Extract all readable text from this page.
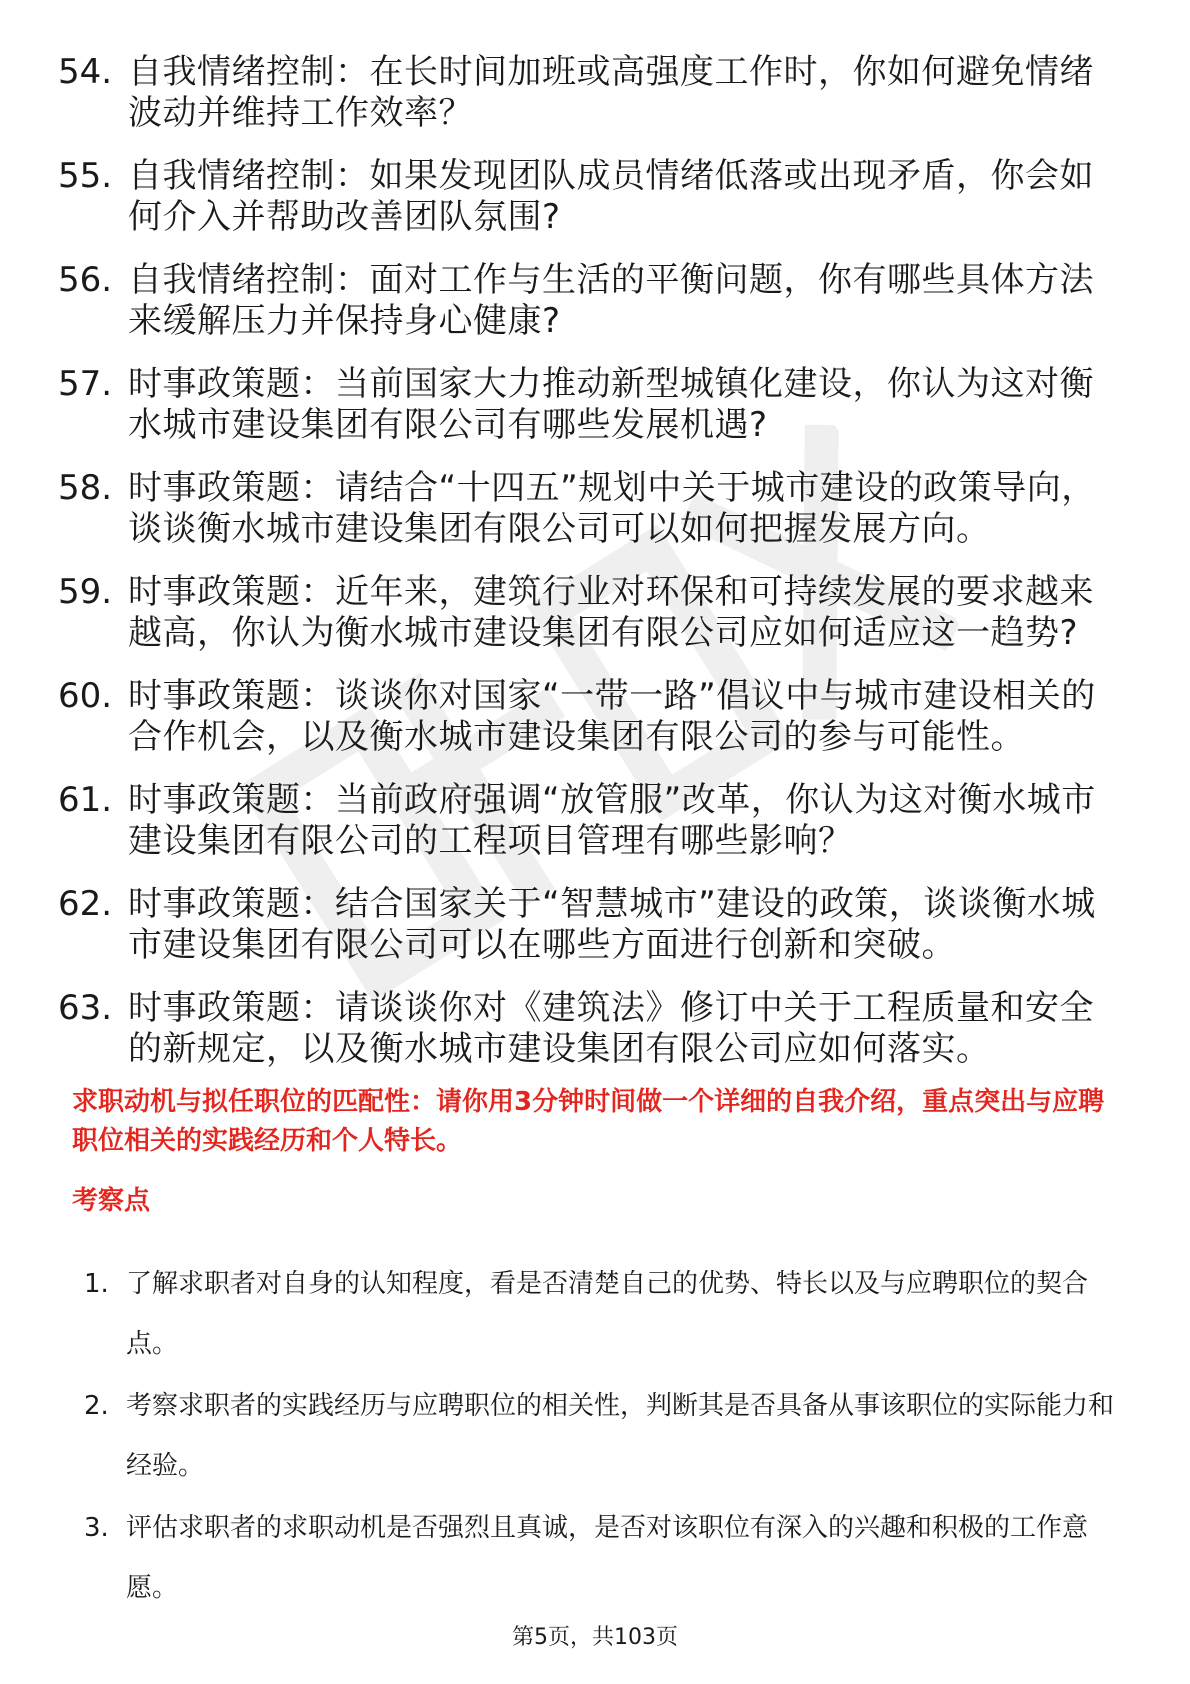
54. 自我情绪控制：在长时间加班或高强度工作时，你如何避免情绪波动并维持工作效率？
55. 自我情绪控制：如果发现团队成员情绪低落或出现矛盾，你会如何介入并帮助改善团队氛围?
56. 自我情绪控制：面对工作与生活的平衡问题，你有哪些具体方法来缓解压力并保持身心健康?
57. 时事政策题：当前国家大力推动新型城镇化建设，你认为这对衡水城市建设集团有限公司有哪些发展机遇?
58. 时事政策题：请结合“十四五”规划中关于城市建设的政策导向，谈谈衡水城市建设集团有限公司可以如何把握发展方向。
59. 时事政策题：近年来，建筑行业对环保和可持续发展的要求越来越高，你认为衡水城市建设集团有限公司应如何适应这一趋势?
60. 时事政策题：谈谈你对国家“一带一路”倡议中与城市建设相关的合作机会，以及衡水城市建设集团有限公司的参与可能性。
61. 时事政策题：当前政府强调“放管服”改革，你认为这对衡水城市建设集团有限公司的工程项目管理有哪些影响？
62. 时事政策题：结合国家关于“智慧城市”建设的政策，谈谈衡水城市建设集团有限公司可以在哪些方面进行创新和突破。
63. 时事政策题：请谈谈你对《建筑法》修订中关于工程质量和安全的新规定，以及衡水城市建设集团有限公司应如何落实。

求职动机与拟任职位的匹配性：请你用3分钟时间做一个详细的自我介绍，重点突出与应聘职位相关的实践经历和个人特长。

考察点
1. 了解求职者对自身的认知程度，看是否清楚自己的优势、特长以及与应聘职位的契合点。
2. 考察求职者的实践经历与应聘职位的相关性，判断其是否具备从事该职位的实际能力和经验。
3. 评估求职者的求职动机是否强烈且真诚，是否对该职位有深入的兴趣和积极的工作意愿。
第5页，共103页
